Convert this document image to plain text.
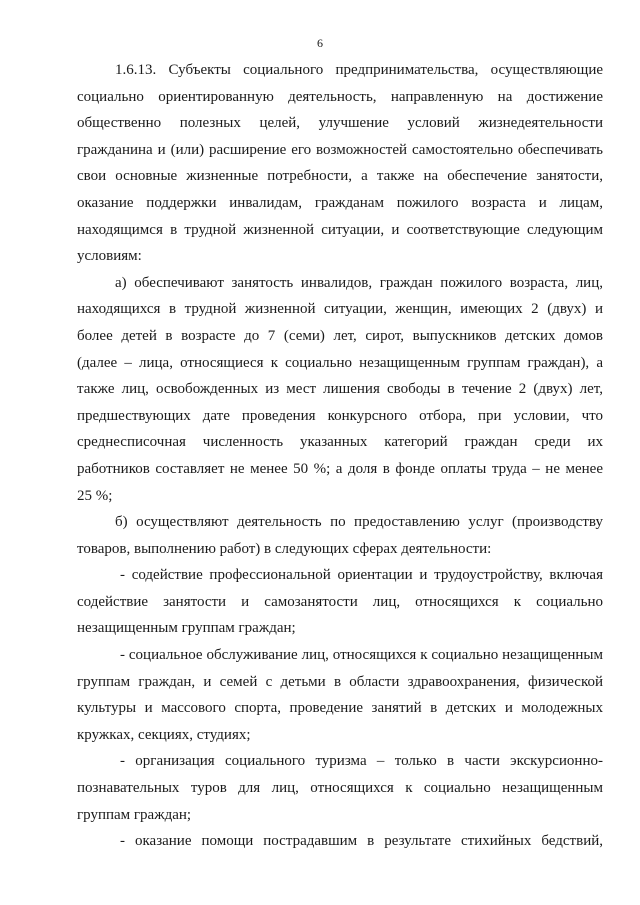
6
1.6.13. Субъекты социального предпринимательства, осуществляющие
социально ориентированную деятельность, направленную на достижение
общественно полезных целей, улучшение условий жизнедеятельности
гражданина и (или) расширение его возможностей самостоятельно обеспечивать
свои основные жизненные потребности, а также на обеспечение занятости,
оказание поддержки инвалидам, гражданам пожилого возраста и лицам,
находящимся в трудной жизненной ситуации, и соответствующие следующим
условиям:
а) обеспечивают занятость инвалидов, граждан пожилого возраста, лиц,
находящихся в трудной жизненной ситуации, женщин, имеющих 2 (двух) и
более детей в возрасте до 7 (семи) лет, сирот, выпускников детских домов
(далее – лица, относящиеся к социально незащищенным группам граждан), а
также лиц, освобожденных из мест лишения свободы в течение 2 (двух) лет,
предшествующих дате проведения конкурсного отбора, при условии, что
среднесписочная численность указанных категорий граждан среди их
работников составляет не менее 50 %; а доля в фонде оплаты труда – не менее
25 %;
б) осуществляют деятельность по предоставлению услуг (производству
товаров, выполнению работ) в следующих сферах деятельности:
- содействие профессиональной ориентации и трудоустройству, включая
содействие занятости и самозанятости лиц, относящихся к социально
незащищенным группам граждан;
- социальное обслуживание лиц, относящихся к социально незащищенным
группам граждан, и семей с детьми в области здравоохранения, физической
культуры и массового спорта, проведение занятий в детских и молодежных
кружках, секциях, студиях;
- организация социального туризма – только в части экскурсионно-
познавательных туров для лиц, относящихся к социально незащищенным
группам граждан;
- оказание помощи пострадавшим в результате стихийных бедствий,
